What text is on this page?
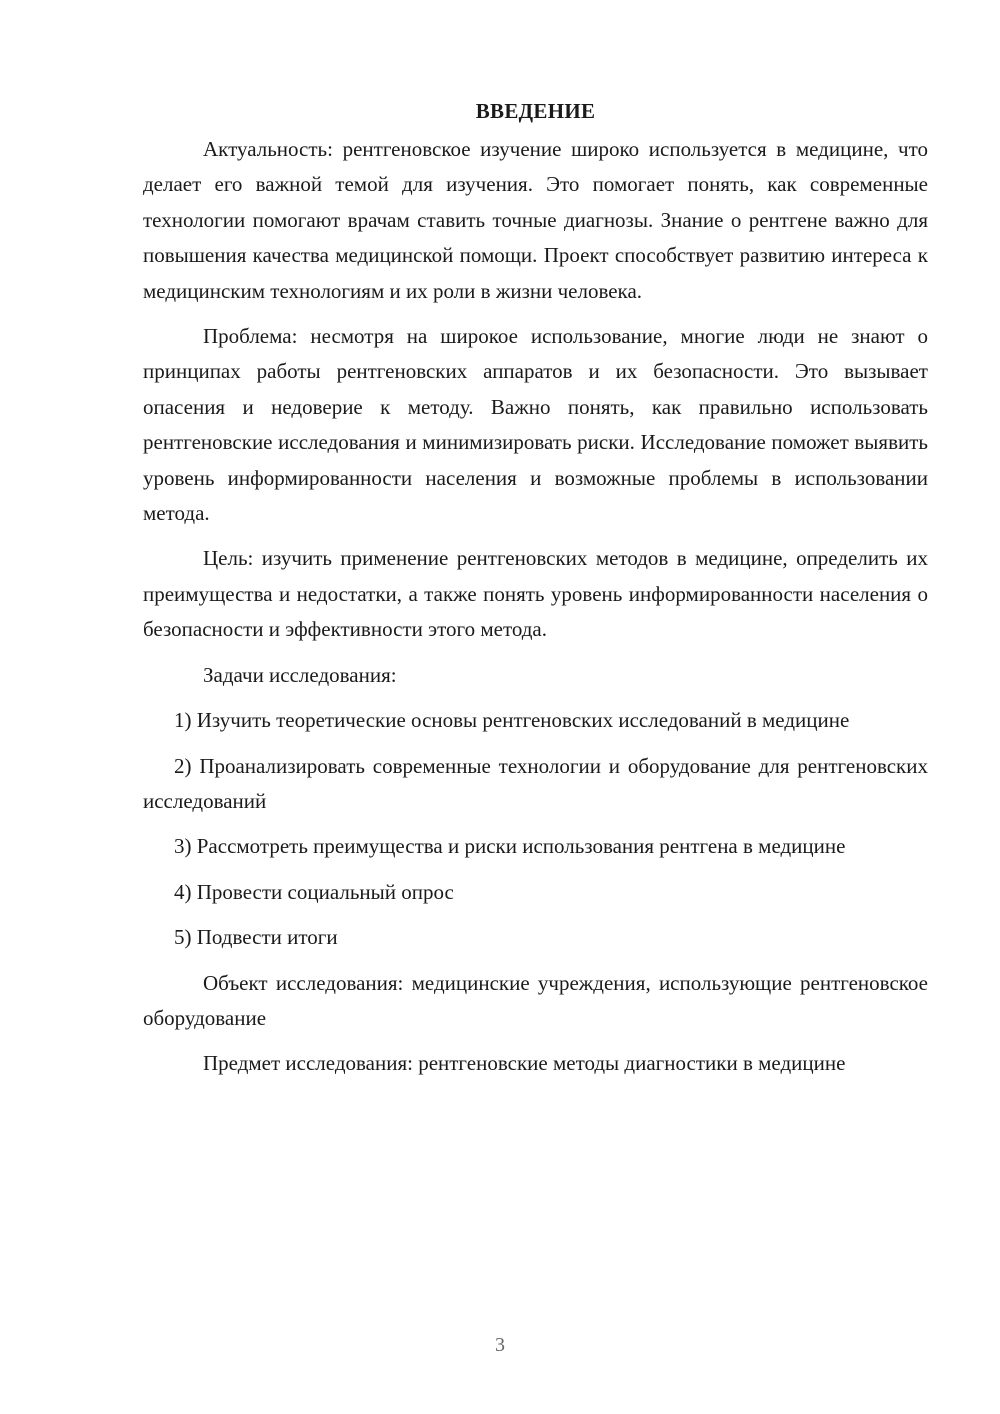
ВВЕДЕНИЕ

Актуальность: рентгеновское изучение широко используется в медицине, что делает его важной темой для изучения. Это помогает понять, как современные технологии помогают врачам ставить точные диагнозы. Знание о рентгене важно для повышения качества медицинской помощи. Проект способствует развитию интереса к медицинским технологиям и их роли в жизни человека.

Проблема: несмотря на широкое использование, многие люди не знают о принципах работы рентгеновских аппаратов и их безопасности. Это вызывает опасения и недоверие к методу. Важно понять, как правильно использовать рентгеновские исследования и минимизировать риски. Исследование поможет выявить уровень информированности населения и возможные проблемы в использовании метода.

Цель: изучить применение рентгеновских методов в медицине, определить их преимущества и недостатки, а также понять уровень информированности населения о безопасности и эффективности этого метода.

Задачи исследования:

1) Изучить теоретические основы рентгеновских исследований в медицине

2) Проанализировать современные технологии и оборудование для рентгеновских исследований

3) Рассмотреть преимущества и риски использования рентгена в медицине

4) Провести социальный опрос

5) Подвести итоги

Объект исследования: медицинские учреждения, использующие рентгеновское оборудование

Предмет исследования: рентгеновские методы диагностики в медицине

3
